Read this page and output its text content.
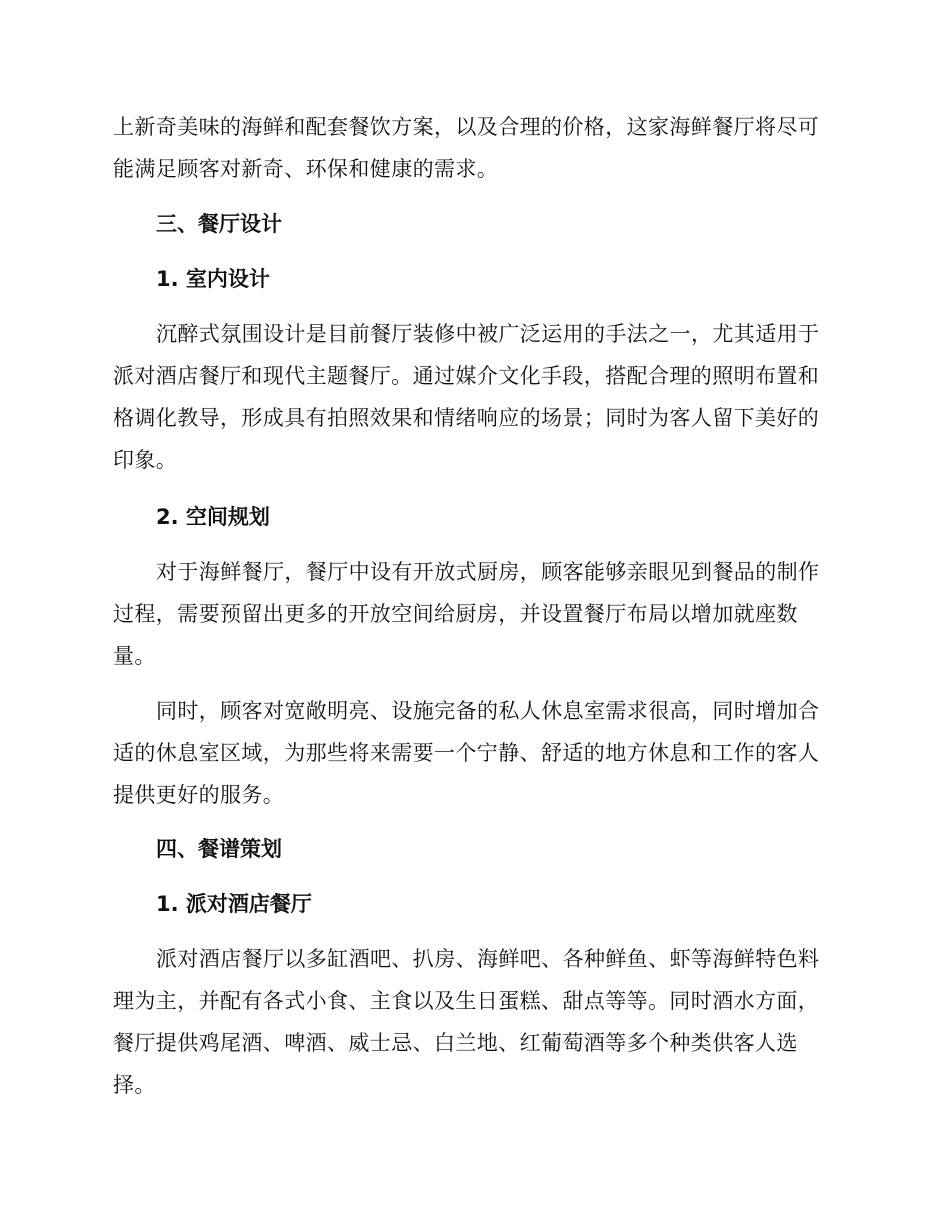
上新奇美味的海鲜和配套餐饮方案，以及合理的价格，这家海鲜餐厅将尽可能满足顾客对新奇、环保和健康的需求。

三、餐厅设计
1. 室内设计

沉醉式氛围设计是目前餐厅装修中被广泛运用的手法之一，尤其适用于派对酒店餐厅和现代主题餐厅。通过媒介文化手段，搭配合理的照明布置和格调化教导，形成具有拍照效果和情绪响应的场景；同时为客人留下美好的印象。

2. 空间规划

对于海鲜餐厅，餐厅中设有开放式厨房，顾客能够亲眼见到餐品的制作过程，需要预留出更多的开放空间给厨房，并设置餐厅布局以增加就座数量。

同时，顾客对宽敞明亮、设施完备的私人休息室需求很高，同时增加合适的休息室区域，为那些将来需要一个宁静、舒适的地方休息和工作的客人提供更好的服务。

四、餐谱策划
1. 派对酒店餐厅

派对酒店餐厅以多缸酒吧、扒房、海鲜吧、各种鲜鱼、虾等海鲜特色料理为主，并配有各式小食、主食以及生日蛋糕、甜点等等。同时酒水方面，餐厅提供鸡尾酒、啤酒、威士忌、白兰地、红葡萄酒等多个种类供客人选择。
